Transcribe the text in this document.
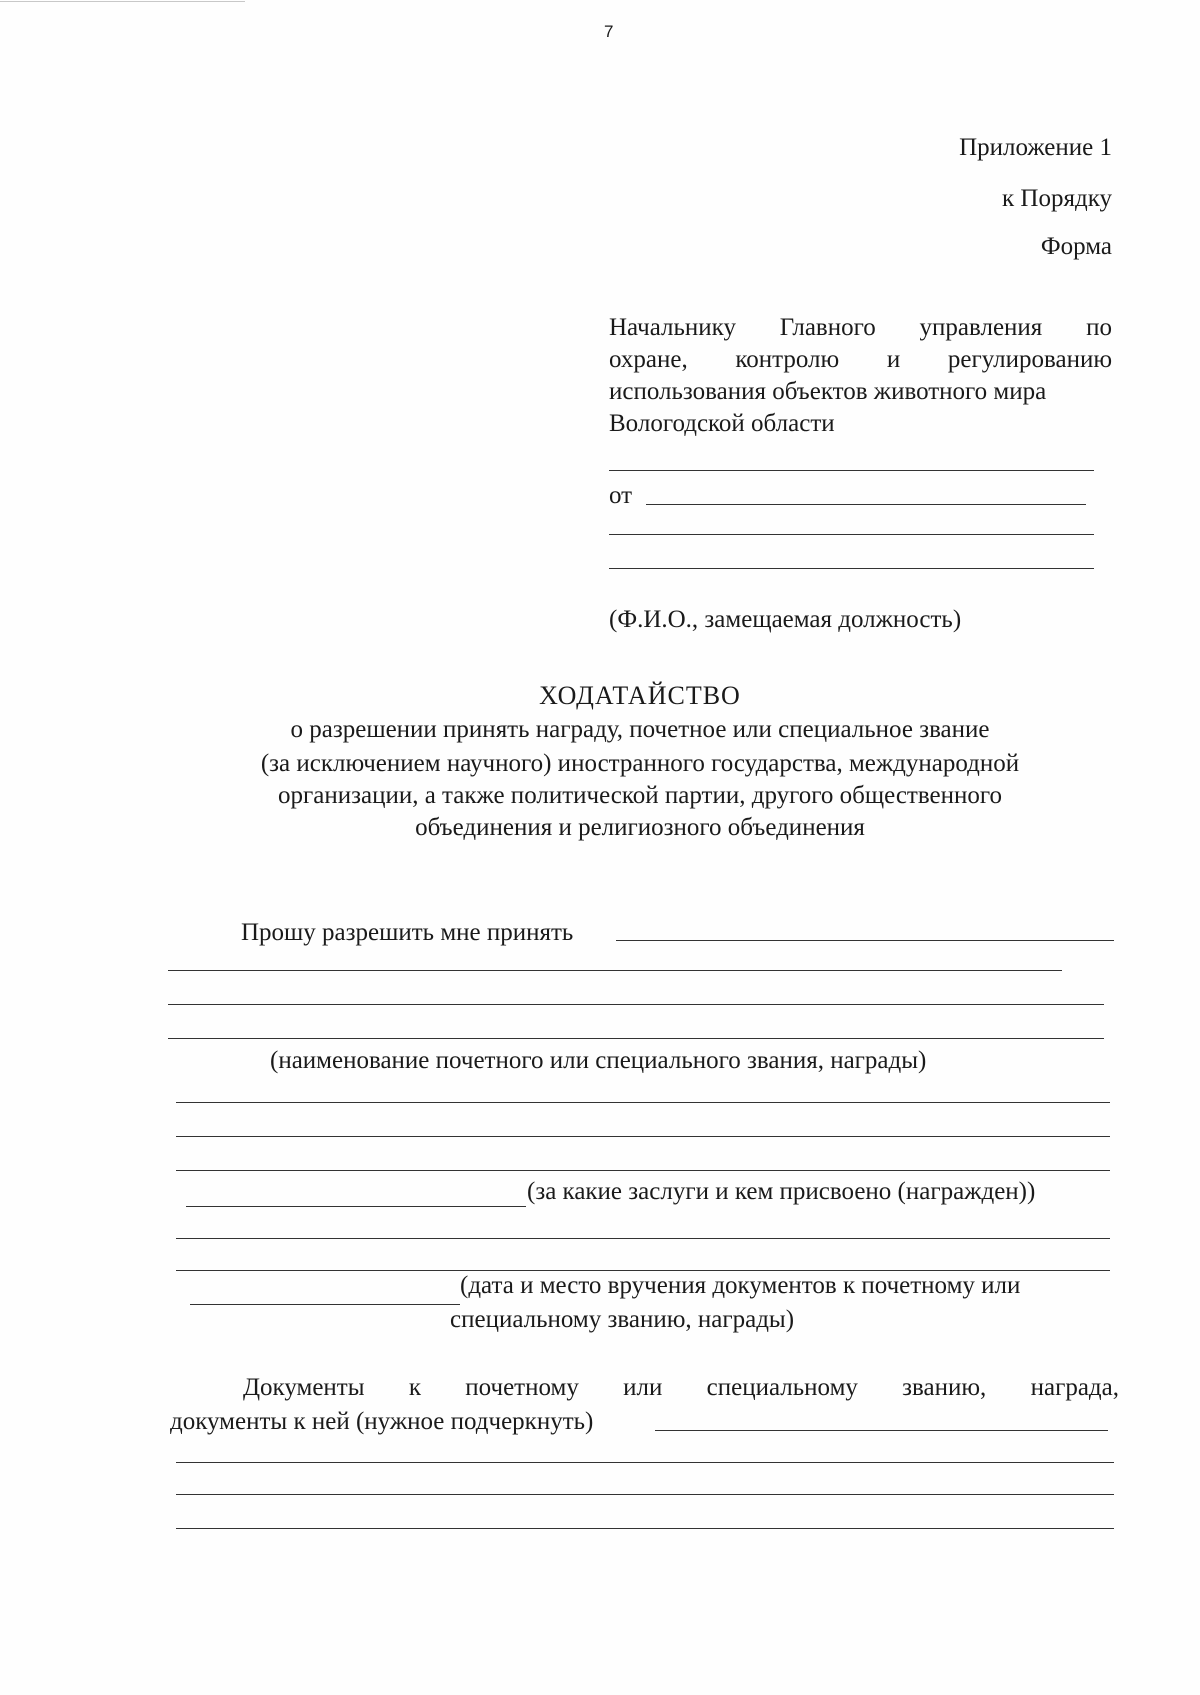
7
Приложение 1
к Порядку
Форма
Начальнику Главного управления по
охране, контролю и регулированию
использования объектов животного мира
Вологодской области
от
(Ф.И.О., замещаемая должность)
ХОДАТАЙСТВО
о разрешении принять награду, почетное или специальное звание
(за исключением научного) иностранного государства, международной
организации, а также политической партии, другого общественного
объединения и религиозного объединения
Прошу разрешить мне принять
(наименование почетного или специального звания, награды)
(за какие заслуги и кем присвоено (награжден))
(дата и место вручения документов к почетному или
специальному званию, награды)
Документы к почетному или специальному званию, награда,
документы к ней (нужное подчеркнуть)
